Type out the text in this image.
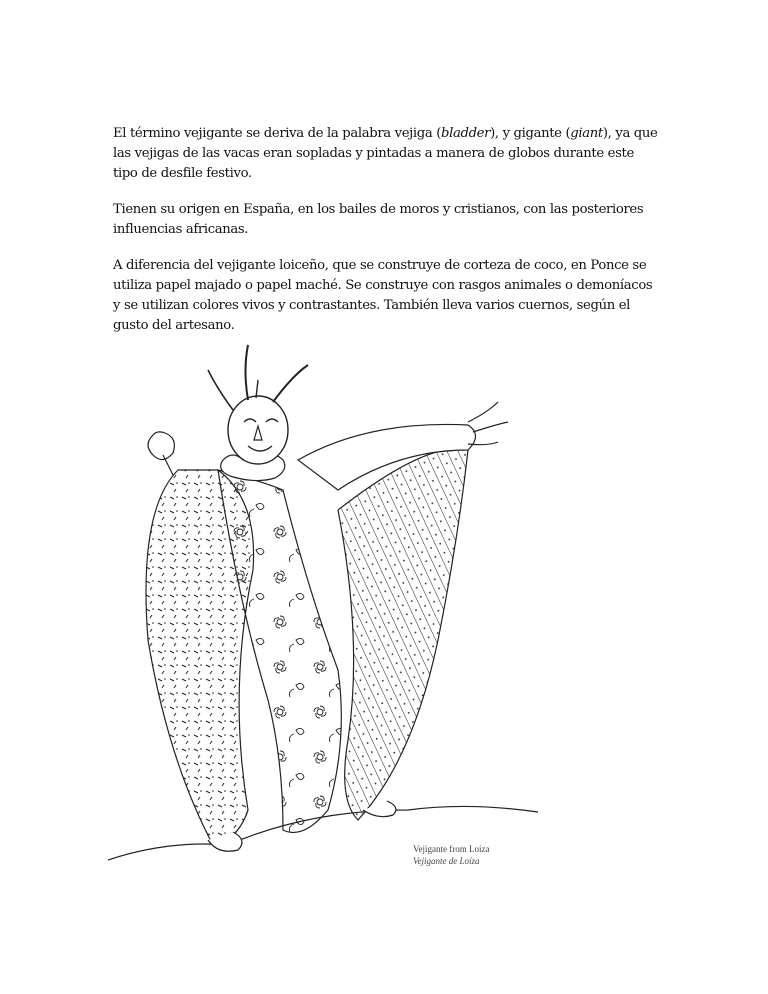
El término vejigante se deriva de la palabra vejiga (bladder), y gigante (giant), ya que las vejigas de las vacas eran sopladas y pintadas a manera de globos durante este tipo de desfile festivo.

Tienen su origen en España, en los bailes de moros y cristianos, con las posteriores influencias africanas.

A diferencia del vejigante loiceño, que se construye de corteza de coco, en Ponce se utiliza papel majado o papel maché. Se construye con rasgos animales o demoníacos y se utilizan colores vivos y contrastantes. También lleva varios cuernos, según el gusto del artesano.

Vejigante from Loíza
Vejigante de Loíza
